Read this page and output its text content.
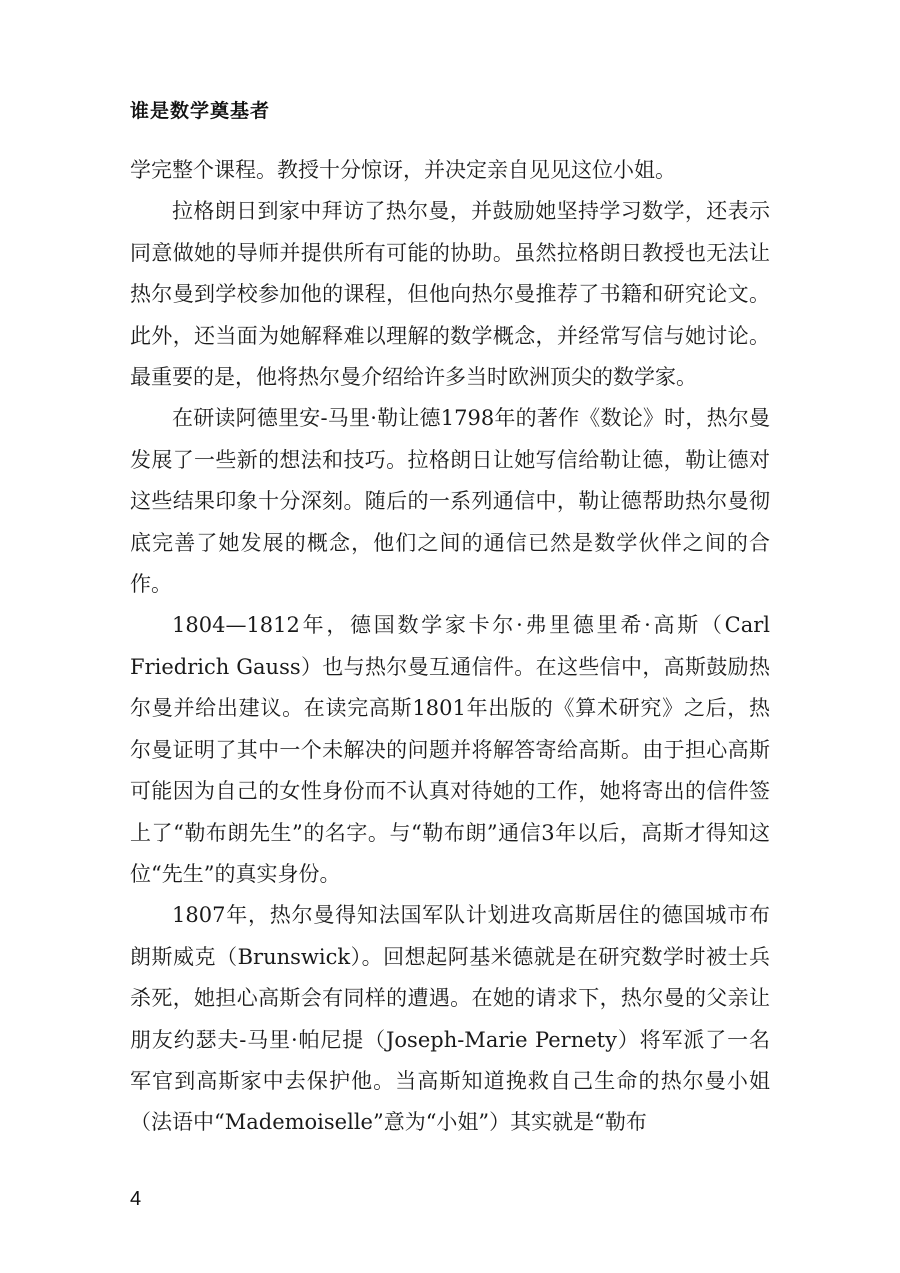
谁是数学奠基者

学完整个课程。教授十分惊讶，并决定亲自见见这位小姐。

拉格朗日到家中拜访了热尔曼，并鼓励她坚持学习数学，还表示同意做她的导师并提供所有可能的协助。虽然拉格朗日教授也无法让热尔曼到学校参加他的课程，但他向热尔曼推荐了书籍和研究论文。此外，还当面为她解释难以理解的数学概念，并经常写信与她讨论。最重要的是，他将热尔曼介绍给许多当时欧洲顶尖的数学家。

在研读阿德里安-马里·勒让德1798年的著作《数论》时，热尔曼发展了一些新的想法和技巧。拉格朗日让她写信给勒让德，勒让德对这些结果印象十分深刻。随后的一系列通信中，勒让德帮助热尔曼彻底完善了她发展的概念，他们之间的通信已然是数学伙伴之间的合作。

1804—1812年，德国数学家卡尔·弗里德里希·高斯（Carl Friedrich Gauss）也与热尔曼互通信件。在这些信中，高斯鼓励热尔曼并给出建议。在读完高斯1801年出版的《算术研究》之后，热尔曼证明了其中一个未解决的问题并将解答寄给高斯。由于担心高斯可能因为自己的女性身份而不认真对待她的工作，她将寄出的信件签上了“勒布朗先生”的名字。与“勒布朗”通信3年以后，高斯才得知这位“先生”的真实身份。

1807年，热尔曼得知法国军队计划进攻高斯居住的德国城市布朗斯威克（Brunswick）。回想起阿基米德就是在研究数学时被士兵杀死，她担心高斯会有同样的遭遇。在她的请求下，热尔曼的父亲让朋友约瑟夫-马里·帕尼提（Joseph-Marie Pernety）将军派了一名军官到高斯家中去保护他。当高斯知道挽救自己生命的热尔曼小姐（法语中“Mademoiselle”意为“小姐”）其实就是“勒布

4
